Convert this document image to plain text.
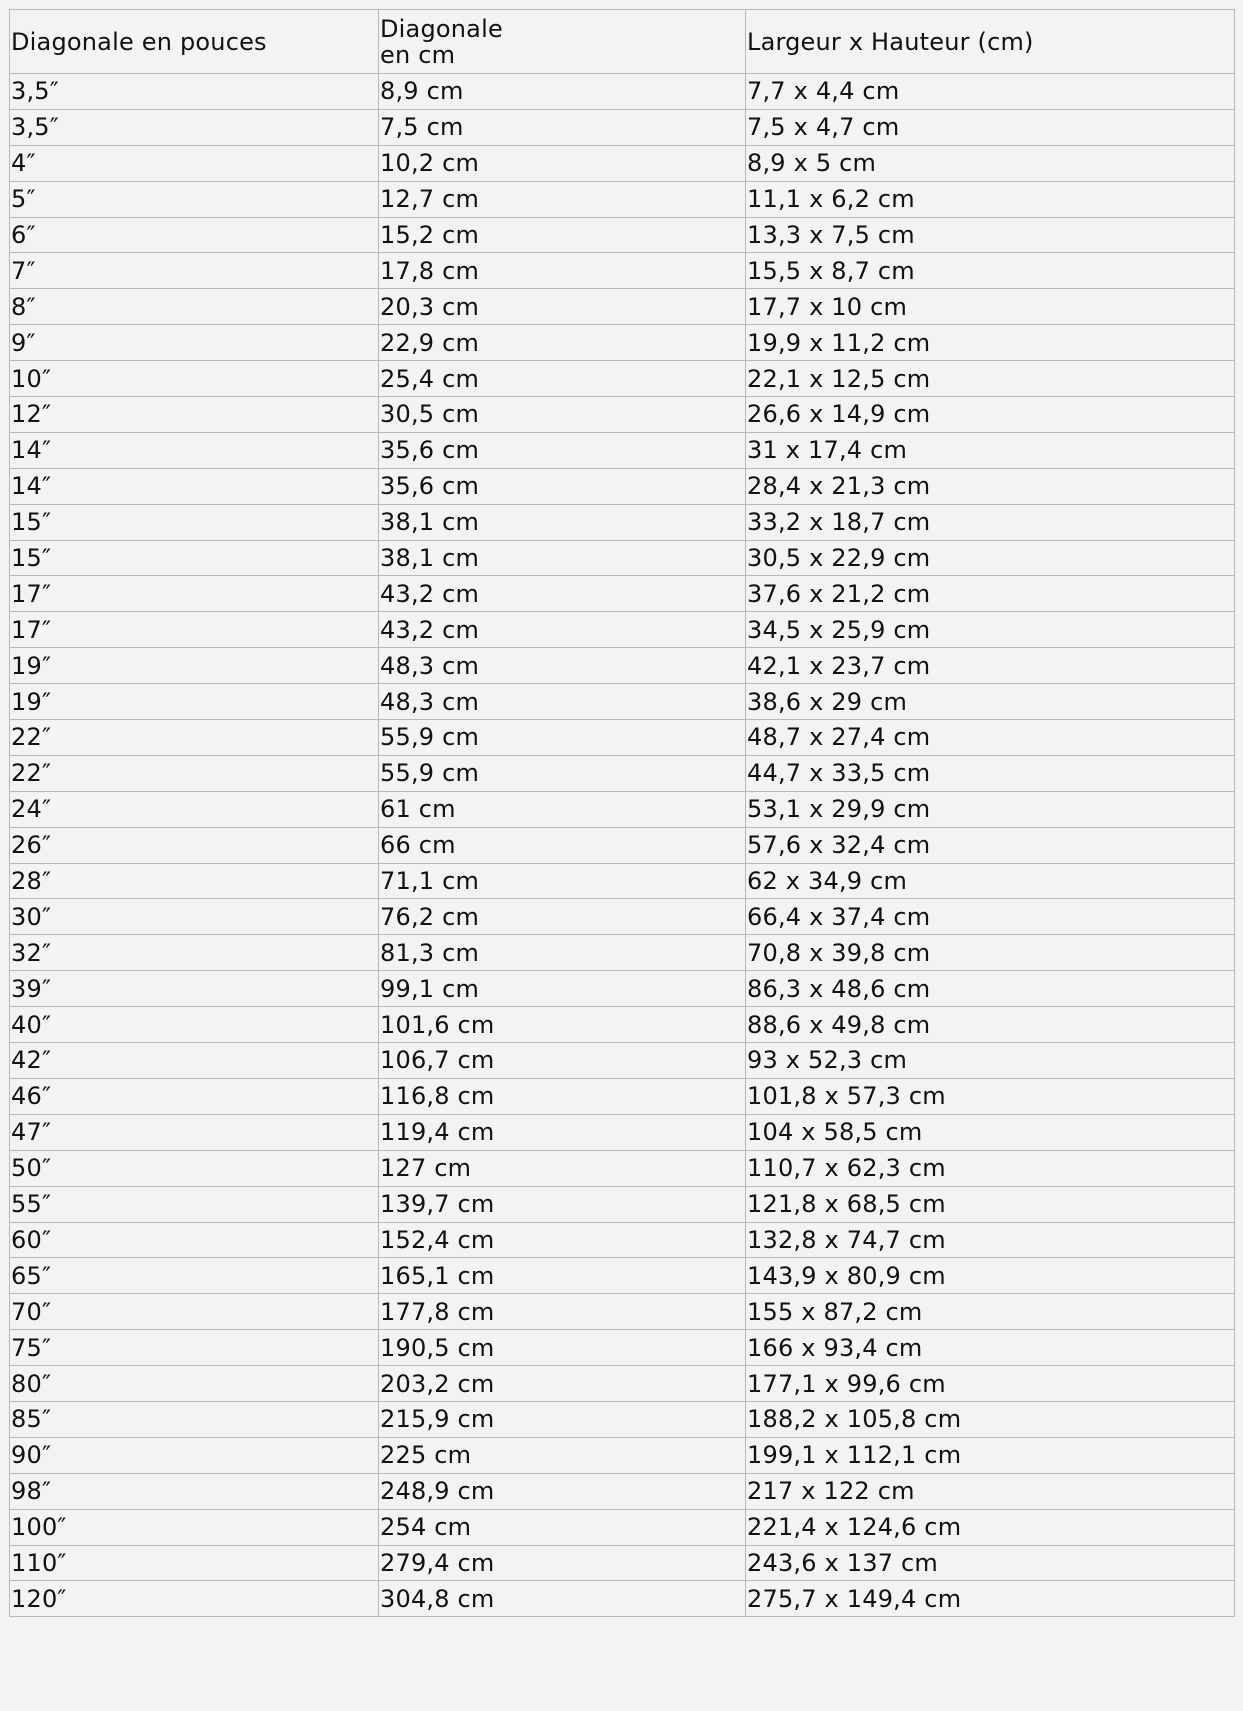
Diagonale en pouces	Diagonale en cm	Largeur x Hauteur (cm)
3,5″	8,9 cm	7,7 x 4,4 cm
3,5″	7,5 cm	7,5 x 4,7 cm
4″	10,2 cm	8,9 x 5 cm
5″	12,7 cm	11,1 x 6,2 cm
6″	15,2 cm	13,3 x 7,5 cm
7″	17,8 cm	15,5 x 8,7 cm
8″	20,3 cm	17,7 x 10 cm
9″	22,9 cm	19,9 x 11,2 cm
10″	25,4 cm	22,1 x 12,5 cm
12″	30,5 cm	26,6 x 14,9 cm
14″	35,6 cm	31 x 17,4 cm
14″	35,6 cm	28,4 x 21,3 cm
15″	38,1 cm	33,2 x 18,7 cm
15″	38,1 cm	30,5 x 22,9 cm
17″	43,2 cm	37,6 x 21,2 cm
17″	43,2 cm	34,5 x 25,9 cm
19″	48,3 cm	42,1 x 23,7 cm
19″	48,3 cm	38,6 x 29 cm
22″	55,9 cm	48,7 x 27,4 cm
22″	55,9 cm	44,7 x 33,5 cm
24″	61 cm	53,1 x 29,9 cm
26″	66 cm	57,6 x 32,4 cm
28″	71,1 cm	62 x 34,9 cm
30″	76,2 cm	66,4 x 37,4 cm
32″	81,3 cm	70,8 x 39,8 cm
39″	99,1 cm	86,3 x 48,6 cm
40″	101,6 cm	88,6 x 49,8 cm
42″	106,7 cm	93 x 52,3 cm
46″	116,8 cm	101,8 x 57,3 cm
47″	119,4 cm	104 x 58,5 cm
50″	127 cm	110,7 x 62,3 cm
55″	139,7 cm	121,8 x 68,5 cm
60″	152,4 cm	132,8 x 74,7 cm
65″	165,1 cm	143,9 x 80,9 cm
70″	177,8 cm	155 x 87,2 cm
75″	190,5 cm	166 x 93,4 cm
80″	203,2 cm	177,1 x 99,6 cm
85″	215,9 cm	188,2 x 105,8 cm
90″	225 cm	199,1 x 112,1 cm
98″	248,9 cm	217 x 122 cm
100″	254 cm	221,4 x 124,6 cm
110″	279,4 cm	243,6 x 137 cm
120″	304,8 cm	275,7 x 149,4 cm
